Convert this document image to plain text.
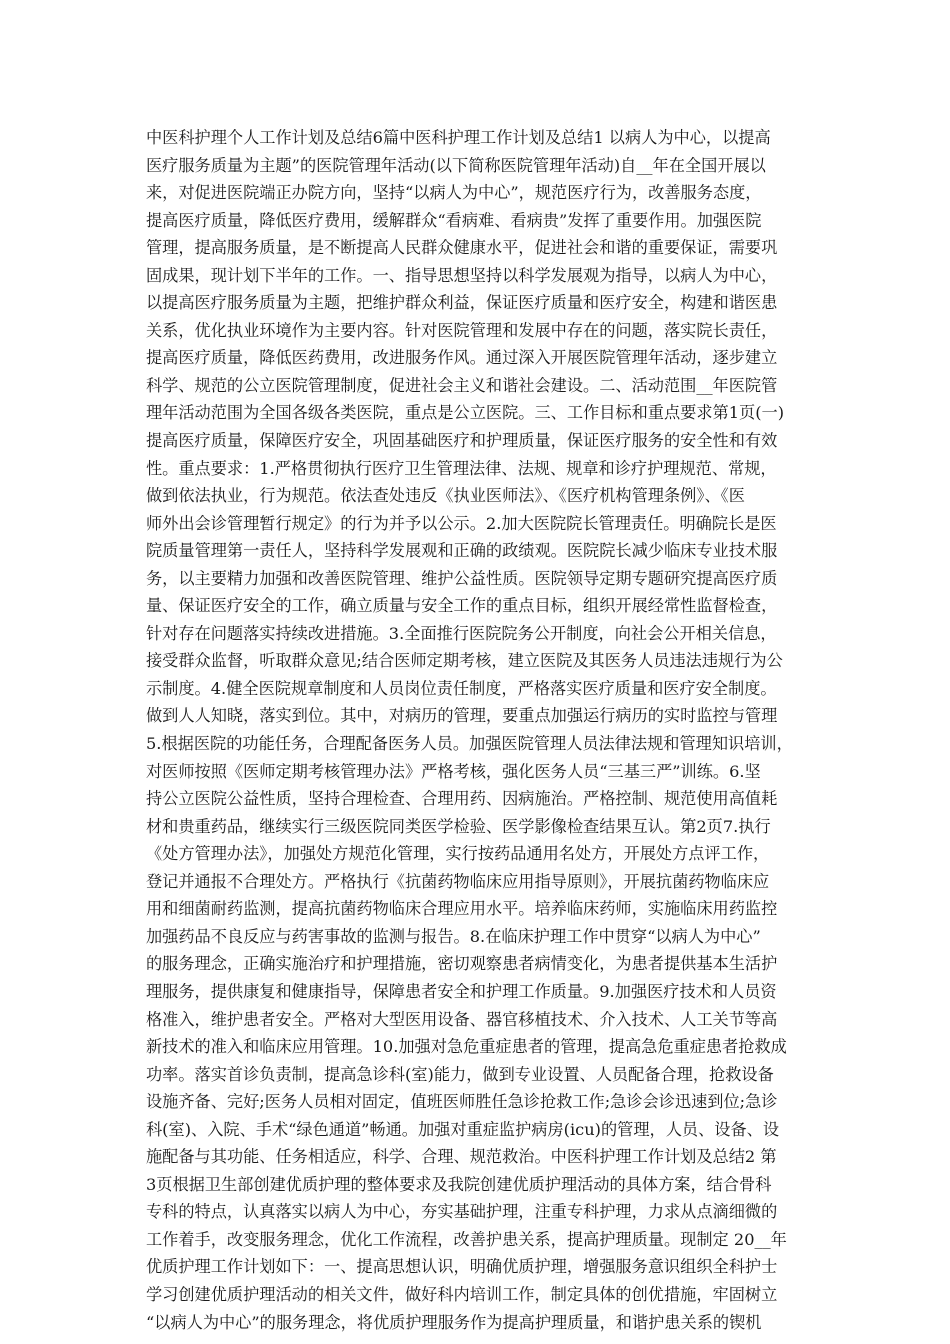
中医科护理个人工作计划及总结6篇中医科护理工作计划及总结1 以病人为中心，以提高
医疗服务质量为主题”的医院管理年活动(以下简称医院管理年活动)自__年在全国开展以
来，对促进医院端正办院方向，坚持“以病人为中心”，规范医疗行为，改善服务态度，
提高医疗质量，降低医疗费用，缓解群众“看病难、看病贵”发挥了重要作用。加强医院
管理，提高服务质量，是不断提高人民群众健康水平，促进社会和谐的重要保证，需要巩
固成果，现计划下半年的工作。一、指导思想坚持以科学发展观为指导，以病人为中心，
以提高医疗服务质量为主题，把维护群众利益，保证医疗质量和医疗安全，构建和谐医患
关系，优化执业环境作为主要内容。针对医院管理和发展中存在的问题，落实院长责任，
提高医疗质量，降低医药费用，改进服务作风。通过深入开展医院管理年活动，逐步建立
科学、规范的公立医院管理制度，促进社会主义和谐社会建设。二、活动范围__年医院管
理年活动范围为全国各级各类医院，重点是公立医院。三、工作目标和重点要求第1页(一)
提高医疗质量，保障医疗安全，巩固基础医疗和护理质量，保证医疗服务的安全性和有效
性。重点要求：1.严格贯彻执行医疗卫生管理法律、法规、规章和诊疗护理规范、常规，
做到依法执业，行为规范。依法查处违反《执业医师法》、《医疗机构管理条例》、《医
师外出会诊管理暂行规定》的行为并予以公示。2.加大医院院长管理责任。明确院长是医
院质量管理第一责任人，坚持科学发展观和正确的政绩观。医院院长减少临床专业技术服
务，以主要精力加强和改善医院管理、维护公益性质。医院领导定期专题研究提高医疗质
量、保证医疗安全的工作，确立质量与安全工作的重点目标，组织开展经常性监督检查，
针对存在问题落实持续改进措施。3.全面推行医院院务公开制度，向社会公开相关信息，
接受群众监督，听取群众意见;结合医师定期考核，建立医院及其医务人员违法违规行为公
示制度。4.健全医院规章制度和人员岗位责任制度，严格落实医疗质量和医疗安全制度。
做到人人知晓，落实到位。其中，对病历的管理，要重点加强运行病历的实时监控与管理
5.根据医院的功能任务，合理配备医务人员。加强医院管理人员法律法规和管理知识培训，
对医师按照《医师定期考核管理办法》严格考核，强化医务人员“三基三严”训练。6.坚
持公立医院公益性质，坚持合理检查、合理用药、因病施治。严格控制、规范使用高值耗
材和贵重药品，继续实行三级医院同类医学检验、医学影像检查结果互认。第2页7.执行
《处方管理办法》，加强处方规范化管理，实行按药品通用名处方，开展处方点评工作，
登记并通报不合理处方。严格执行《抗菌药物临床应用指导原则》，开展抗菌药物临床应
用和细菌耐药监测，提高抗菌药物临床合理应用水平。培养临床药师，实施临床用药监控
加强药品不良反应与药害事故的监测与报告。8.在临床护理工作中贯穿“以病人为中心”
的服务理念，正确实施治疗和护理措施，密切观察患者病情变化，为患者提供基本生活护
理服务，提供康复和健康指导，保障患者安全和护理工作质量。9.加强医疗技术和人员资
格准入，维护患者安全。严格对大型医用设备、器官移植技术、介入技术、人工关节等高
新技术的准入和临床应用管理。10.加强对急危重症患者的管理，提高急危重症患者抢救成
功率。落实首诊负责制，提高急诊科(室)能力，做到专业设置、人员配备合理，抢救设备
设施齐备、完好;医务人员相对固定，值班医师胜任急诊抢救工作;急诊会诊迅速到位;急诊
科(室)、入院、手术“绿色通道”畅通。加强对重症监护病房(icu)的管理，人员、设备、设
施配备与其功能、任务相适应，科学、合理、规范救治。中医科护理工作计划及总结2 第
3页根据卫生部创建优质护理的整体要求及我院创建优质护理活动的具体方案，结合骨科
专科的特点，认真落实以病人为中心，夯实基础护理，注重专科护理，力求从点滴细微的
工作着手，改变服务理念，优化工作流程，改善护患关系，提高护理质量。现制定 20__年
优质护理工作计划如下：一、提高思想认识，明确优质护理，增强服务意识组织全科护士
学习创建优质护理活动的相关文件，做好科内培训工作，制定具体的创优措施，牢固树立
“以病人为中心”的服务理念，将优质护理服务作为提高护理质量，和谐护患关系的锲机
